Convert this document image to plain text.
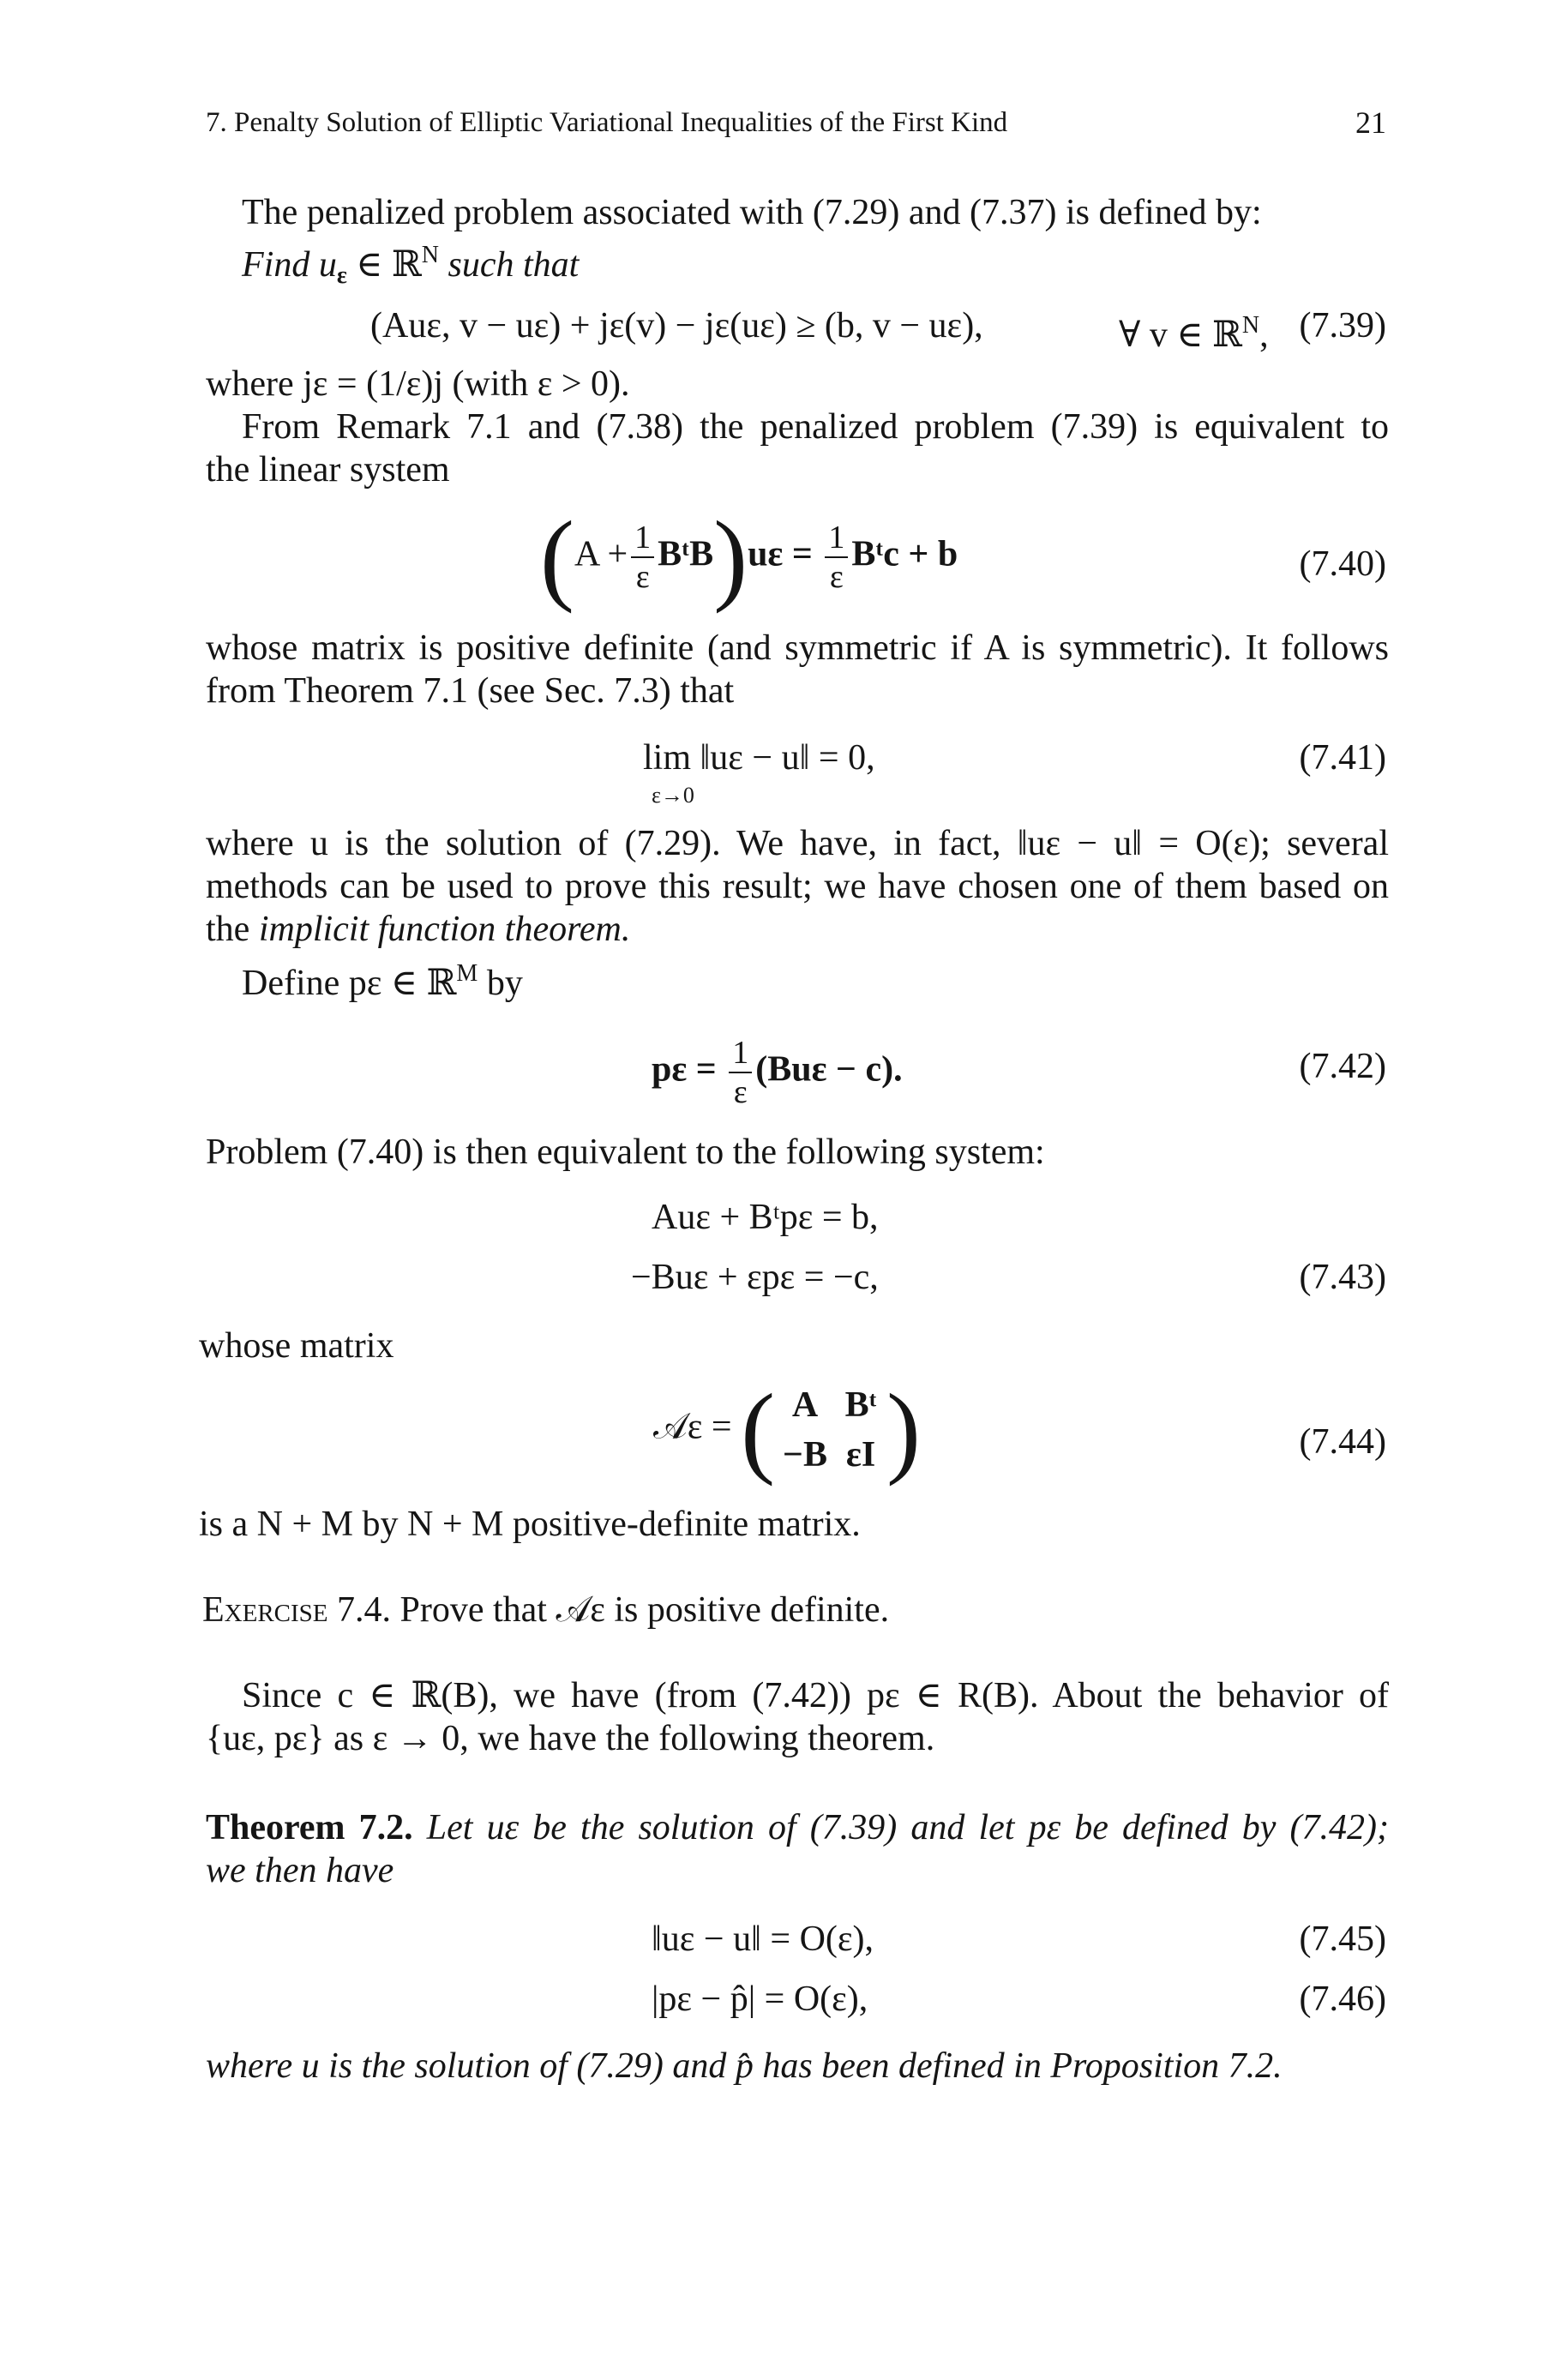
7. Penalty Solution of Elliptic Variational Inequalities of the First Kind	21
The penalized problem associated with (7.29) and (7.37) is defined by:
Find $u_\varepsilon$ ∈ ℝ$^N$ such that
(Auε, v − uε) + jε(v) − jε(uε) ≥ (b, v − uε),	∀ v ∈ ℝ$^N$, (7.39)
where jε = (1/ε)j (with ε > 0).
From Remark 7.1 and (7.38) the penalized problem (7.39) is equivalent to
the linear system
($A + \frac{1}{\varepsilon}$ BᵗB)uε = $\frac{1}{\varepsilon}$ Bᵗc + b	(7.40)
whose matrix is positive definite (and symmetric if A is symmetric). It follows
from Theorem 7.1 (see Sec. 7.3) that
lim ‖uε − u‖ = 0,
ε→0
(7.41)
where u is the solution of (7.29). We have, in fact, ‖uε − u‖ = O(ε); several
methods can be used to prove this result; we have chosen one of them based on
the implicit function theorem.
Define pε ∈ ℝ$^M$ by
$p\varepsilon = \frac{1}{\varepsilon} (Bu\varepsilon - c)$.	(7.42)
Problem (7.40) is then equivalent to the following system:
Auε + Bᵗpε = b,
−Buε + εpε = −c,	(7.43)
whose matrix
𝒜ε = ( A Bᵗ
−B εI )	(7.44)
is a N + M by N + M positive-definite matrix.
Exercise 7.4. Prove that 𝒜ε is positive definite.
Since c ∈ ℝ(B), we have (from (7.42)) pε ∈ R(B). About the behavior of
{uε, pε} as ε → 0, we have the following theorem.
Theorem 7.2. Let uε be the solution of (7.39) and let pε be defined by (7.42);
we then have
‖uε − u‖ = O(ε),	(7.45)
|pε − p̂| = O(ε),	(7.46)
where u is the solution of (7.29) and p̂ has been defined in Proposition 7.2.
